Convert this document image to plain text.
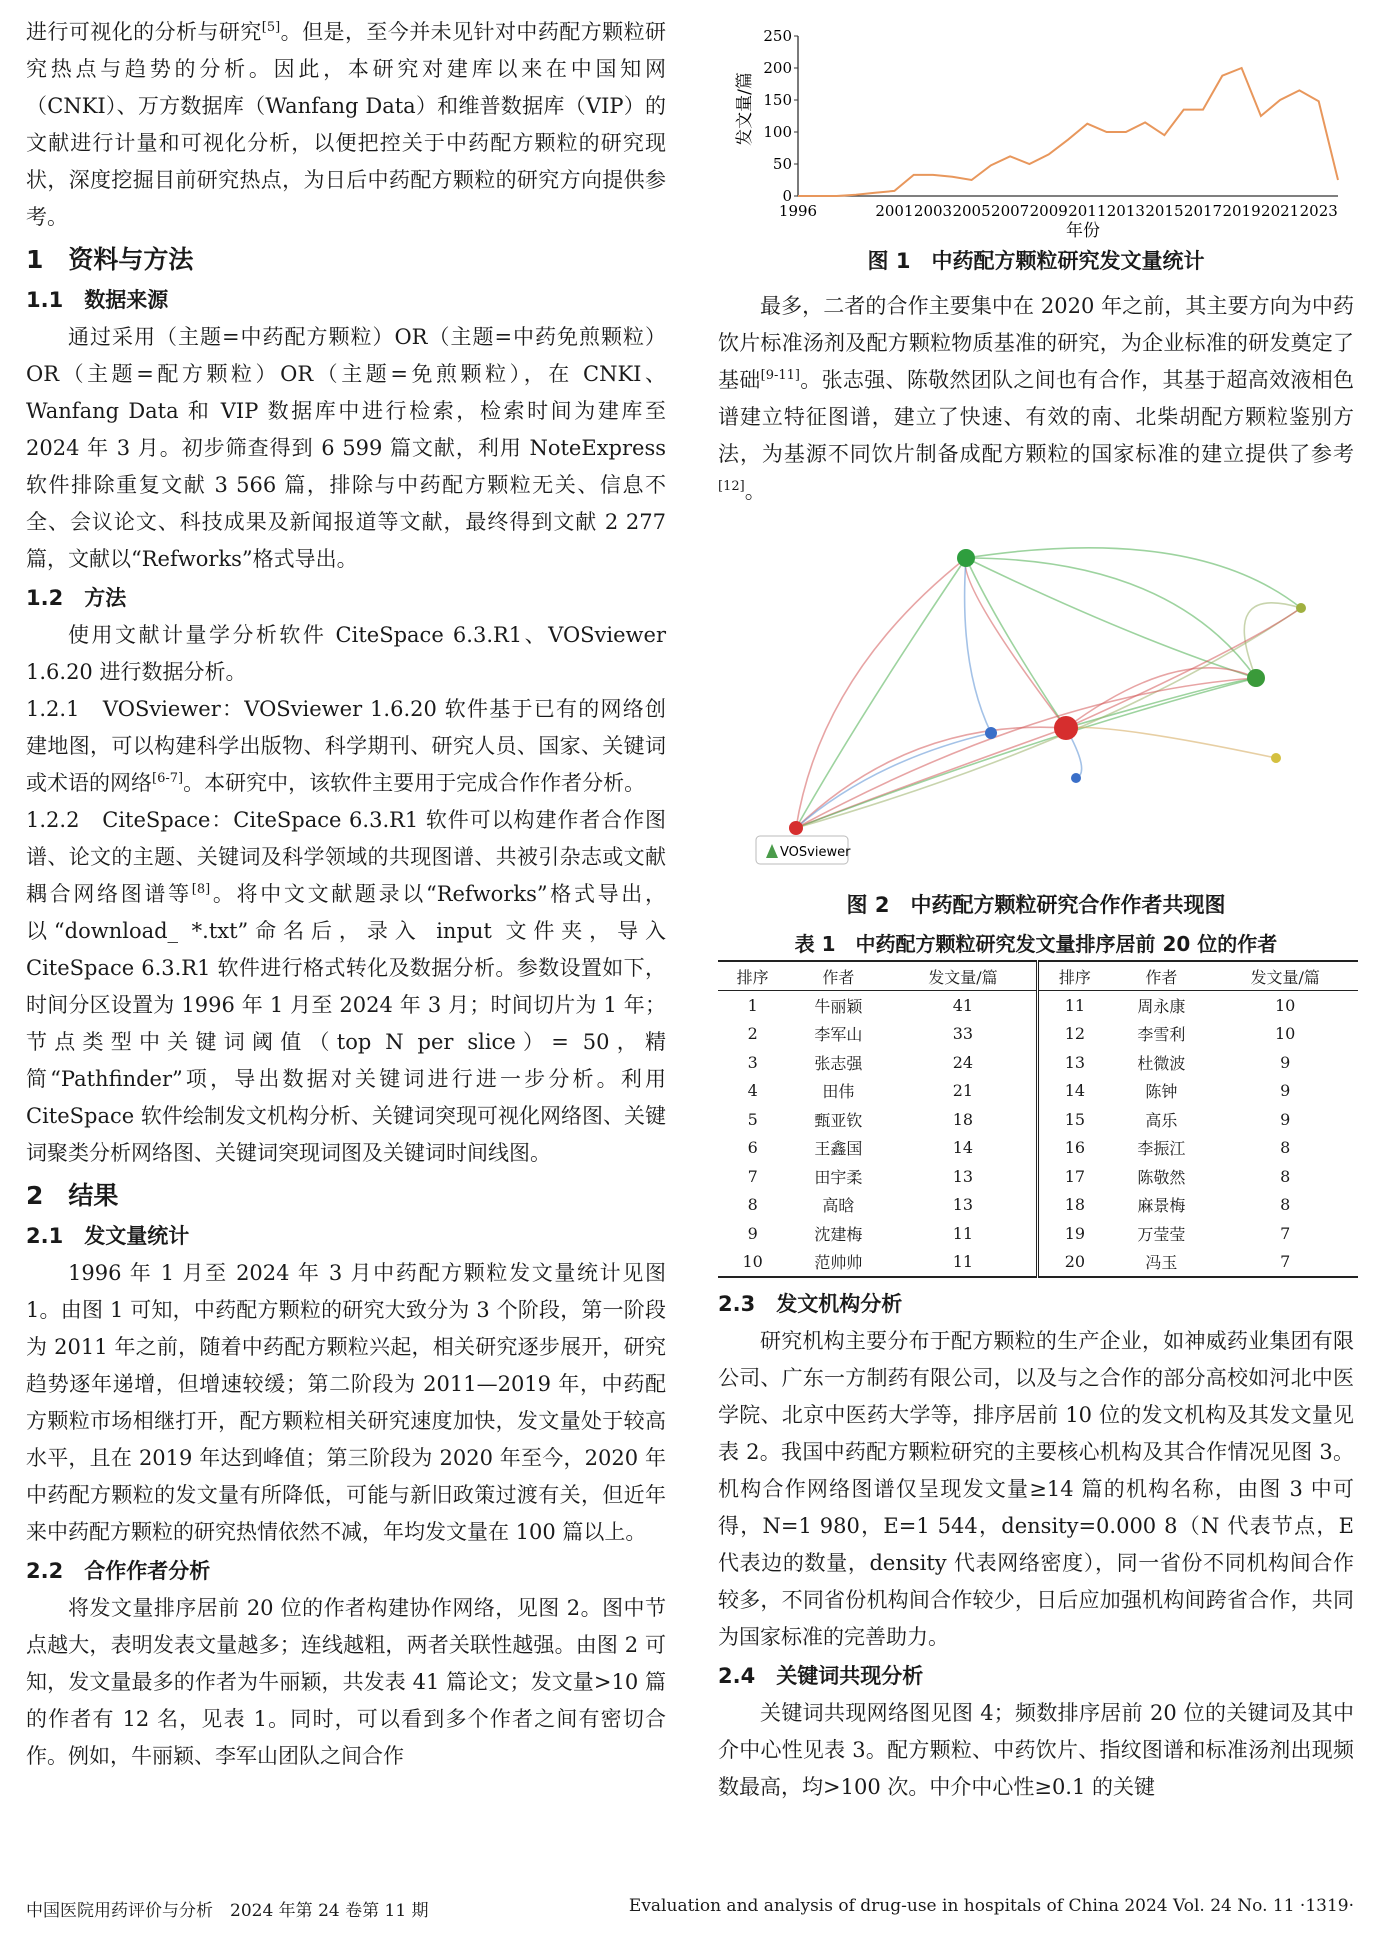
进行可视化的分析与研究[5]。但是，至今并未见针对中药配方颗粒研究热点与趋势的分析。因此，本研究对建库以来在中国知网（CNKI）、万方数据库（Wanfang Data）和维普数据库（VIP）的文献进行计量和可视化分析，以便把控关于中药配方颗粒的研究现状，深度挖掘目前研究热点，为日后中药配方颗粒的研究方向提供参考。

1　资料与方法
1.1　数据来源

通过采用（主题=中药配方颗粒）OR（主题=中药免煎颗粒）OR（主题=配方颗粒）OR（主题=免煎颗粒），在 CNKI、Wanfang Data 和 VIP 数据库中进行检索，检索时间为建库至 2024 年 3 月。初步筛查得到 6 599 篇文献，利用 NoteExpress 软件排除重复文献 3 566 篇，排除与中药配方颗粒无关、信息不全、会议论文、科技成果及新闻报道等文献，最终得到文献 2 277 篇，文献以“Refworks”格式导出。

1.2　方法

使用文献计量学分析软件 CiteSpace 6.3.R1、VOSviewer 1.6.20 进行数据分析。

1.2.1　VOSviewer：VOSviewer 1.6.20 软件基于已有的网络创建地图，可以构建科学出版物、科学期刊、研究人员、国家、关键词或术语的网络[6-7]。本研究中，该软件主要用于完成合作作者分析。

1.2.2　CiteSpace：CiteSpace 6.3.R1 软件可以构建作者合作图谱、论文的主题、关键词及科学领域的共现图谱、共被引杂志或文献耦合网络图谱等[8]。将中文文献题录以“Refworks”格式导出，以“download_ *.txt”命名后，录入 input 文件夹，导入 CiteSpace 6.3.R1 软件进行格式转化及数据分析。参数设置如下，时间分区设置为 1996 年 1 月至 2024 年 3 月；时间切片为 1 年；节点类型中关键词阈值（top N per slice）= 50，精简“Pathfinder”项，导出数据对关键词进行进一步分析。利用 CiteSpace 软件绘制发文机构分析、关键词突现可视化网络图、关键词聚类分析网络图、关键词突现词图及关键词时间线图。

2　结果
2.1　发文量统计

1996 年 1 月至 2024 年 3 月中药配方颗粒发文量统计见图 1。由图 1 可知，中药配方颗粒的研究大致分为 3 个阶段，第一阶段为 2011 年之前，随着中药配方颗粒兴起，相关研究逐步展开，研究趋势逐年递增，但增速较缓；第二阶段为 2011—2019 年，中药配方颗粒市场相继打开，配方颗粒相关研究速度加快，发文量处于较高水平，且在 2019 年达到峰值；第三阶段为 2020 年至今，2020 年中药配方颗粒的发文量有所降低，可能与新旧政策过渡有关，但近年来中药配方颗粒的研究热情依然不减，年均发文量在 100 篇以上。

2.2　合作作者分析

将发文量排序居前 20 位的作者构建协作网络，见图 2。图中节点越大，表明发表文量越多；连线越粗，两者关联性越强。由图 2 可知，发文量最多的作者为牛丽颖，共发表 41 篇论文；发文量>10 篇的作者有 12 名，见表 1。同时，可以看到多个作者之间有密切合作。例如，牛丽颖、李军山团队之间合作

0
50
100
150
200
250
1996	2001 2003 2005 2007 2009 2011 2013 2015 2017 2019 2021 2023
发文量/篇
年份
图 1　中药配方颗粒研究发文量统计

最多，二者的合作主要集中在 2020 年之前，其主要方向为中药饮片标准汤剂及配方颗粒物质基准的研究，为企业标准的研发奠定了基础[9-11]。张志强、陈敬然团队之间也有合作，其基于超高效液相色谱建立特征图谱，建立了快速、有效的南、北柴胡配方颗粒鉴别方法，为基源不同饮片制备成配方颗粒的国家标准的建立提供了参考[12]。

VOSviewer
图 2　中药配方颗粒研究合作作者共现图
表 1　中药配方颗粒研究发文量排序居前 20 位的作者
排序	作者	发文量/篇	排序	作者	发文量/篇
1	牛丽颖	41	11	周永康	10
2	李军山	33	12	李雪利	10
3	张志强	24	13	杜微波	9
4	田伟	21	14	陈钟	9
5	甄亚钦	18	15	高乐	9
6	王鑫国	14	16	李振江	8
7	田宇柔	13	17	陈敬然	8
8	高晗	13	18	麻景梅	8
9	沈建梅	11	19	万莹莹	7
10	范帅帅	11	20	冯玉	7
2.3　发文机构分析

研究机构主要分布于配方颗粒的生产企业，如神威药业集团有限公司、广东一方制药有限公司，以及与之合作的部分高校如河北中医学院、北京中医药大学等，排序居前 10 位的发文机构及其发文量见表 2。我国中药配方颗粒研究的主要核心机构及其合作情况见图 3。机构合作网络图谱仅呈现发文量≥14 篇的机构名称，由图 3 中可得，N=1 980，E=1 544，density=0.000 8（N 代表节点，E 代表边的数量，density 代表网络密度），同一省份不同机构间合作较多，不同省份机构间合作较少，日后应加强机构间跨省合作，共同为国家标准的完善助力。

2.4　关键词共现分析

关键词共现网络图见图 4；频数排序居前 20 位的关键词及其中介中心性见表 3。配方颗粒、中药饮片、指纹图谱和标准汤剂出现频数最高，均>100 次。中介中心性≥0.1 的关键

中国医院用药评价与分析　2024 年第 24 卷第 11 期	Evaluation and analysis of drug-use in hospitals of China 2024 Vol. 24 No. 11 ·1319·
